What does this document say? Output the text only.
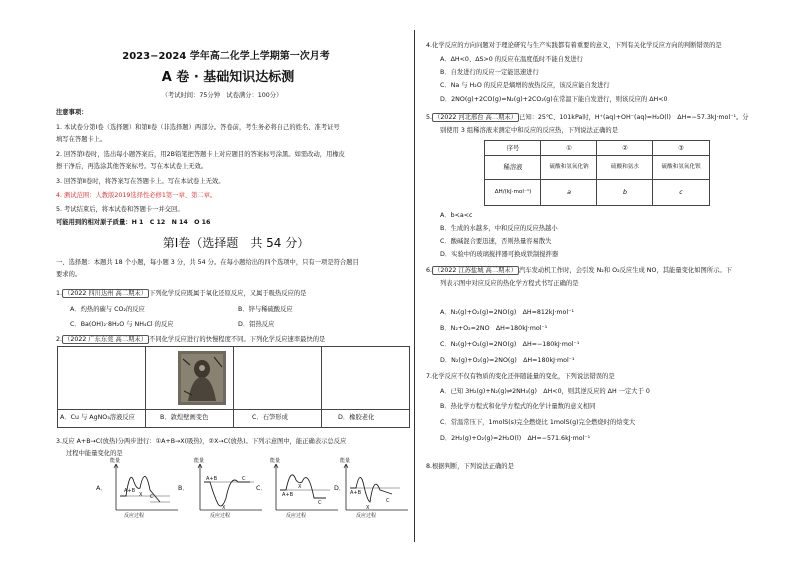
2023−2024 学年高二化学上学期第一次月考
A 卷 · 基础知识达标测
（考试时间：75分钟　试卷满分：100分）
注意事项：
1. 本试卷分第Ⅰ卷（选择题）和第Ⅱ卷（非选择题）两部分。答卷前，考生务必将自己的姓名、准考证号
填写在答题卡上。
2. 回答第Ⅰ卷时，选出每小题答案后，用2B铅笔把答题卡上对应题目的答案标号涂黑。如需改动，用橡皮
擦干净后，再选涂其他答案标号。写在本试卷上无效。
3. 回答第Ⅱ卷时，将答案写在答题卡上。写在本试卷上无效。
4. 测试范围：人教版2019选择性必修1第一章、第二章。
5. 考试结束后，将本试卷和答题卡一并交回。
可能用到的相对原子质量：H 1　C 12　N 14　O 16
第Ⅰ卷（选择题　共 54 分）
一、选择题：本题共 18 个小题，每小题 3 分，共 54 分。在每小题给出的四个选项中，只有一项是符合题目
要求的。
1. （2022 四川达州 高二期末） 下列化学反应既属于氧化还原反应，又属于吸热反应的是
A．灼热的碳与 CO₂的反应	B．锌与稀硫酸反应
C．Ba(OH)₂·8H₂O 与 NH₄Cl 的反应	D．铝热反应
2. （2022 广东东莞 高二期末） 不同化学反应进行的快慢程度不同。下列化学反应速率最快的是
A．Cu 与 AgNO₃溶液反应	B．敦煌壁画变色	C．石笋形成	D．橡胶老化
3.反应 A+B→C(放热)分两步进行：①A+B→X(吸热)，②X→C(放热)。下列示意图中，能正确表示总反应
过程中能量变化的是
A．
能量
A+B
X C
反应过程
B．
能量
A+B
X
C
反应过程
C．
能量
A+B
X
C
反应过程
D．
能量
A+B
X
C
反应过程
4.化学反应的方向问题对于理论研究与生产实践都有着重要的意义，下列有关化学反应方向的判断错误的是
A．ΔH<0、ΔS>0 的反应在温度低时不能自发进行
B．自发进行的反应一定能迅速进行
C．Na 与 H₂O 的反应是熵增的放热反应，该反应能自发进行
D．2NO(g)+2CO(g)=N₂(g)+2CO₂(g)在常温下能自发进行，则该反应的 ΔH<0
5. （2022 河北邢台 高二期末） 已知：25℃、101kPa时，H⁺(aq)+OH⁻(aq)=H₂O(l)　ΔH=−57.3kJ·mol⁻¹。分
别使用 3 组稀溶液来测定中和反应的反应热，下列说法正确的是
序号	①	②	③
稀溶液	硫酸和氢氧化钠	硫酸和氨水	硫酸和氢氧化钡
ΔH/(kJ·mol⁻¹)	a	b	c
A．b<a<c
B．生成的水越多，中和反应的反应热越小
C．酸碱混合要迅速，否则热量容易散失
D．实验中的玻璃搅拌器可换成铁制搅拌器
6. （2022 江苏盐城 高二期末） 汽车发动机工作时，会引发 N₂和 O₂反应生成 NO，其能量变化如图所示。下
列表示图中对应反应的热化学方程式书写正确的是
A．N₂(g)+O₂(g)=2NO(g)　ΔH=812kJ·mol⁻¹
B．N₂+O₂=2NO　ΔH=180kJ·mol⁻¹
C．N₂(g)+O₂(g)=2NO(g)　ΔH=−180kJ·mol⁻¹
D．N₂(g)+O₂(g)=2NO(g)　ΔH=180kJ·mol⁻¹
7.化学反应不仅有物质的变化还伴随能量的变化，下列说法错误的是
A．已知 3H₂(g)+N₂(g)⇌2NH₃(g)　ΔH<0，则其逆反应的 ΔH 一定大于 0
B．热化学方程式和化学方程式的化学计量数的意义相同
C．常温常压下，1molS(s)完全燃烧比 1molS(g)完全燃烧时的焓变大
D．2H₂(g)+O₂(g)=2H₂O(l)　ΔH=−571.6kJ·mol⁻¹
8.根据判断，下列说法正确的是
